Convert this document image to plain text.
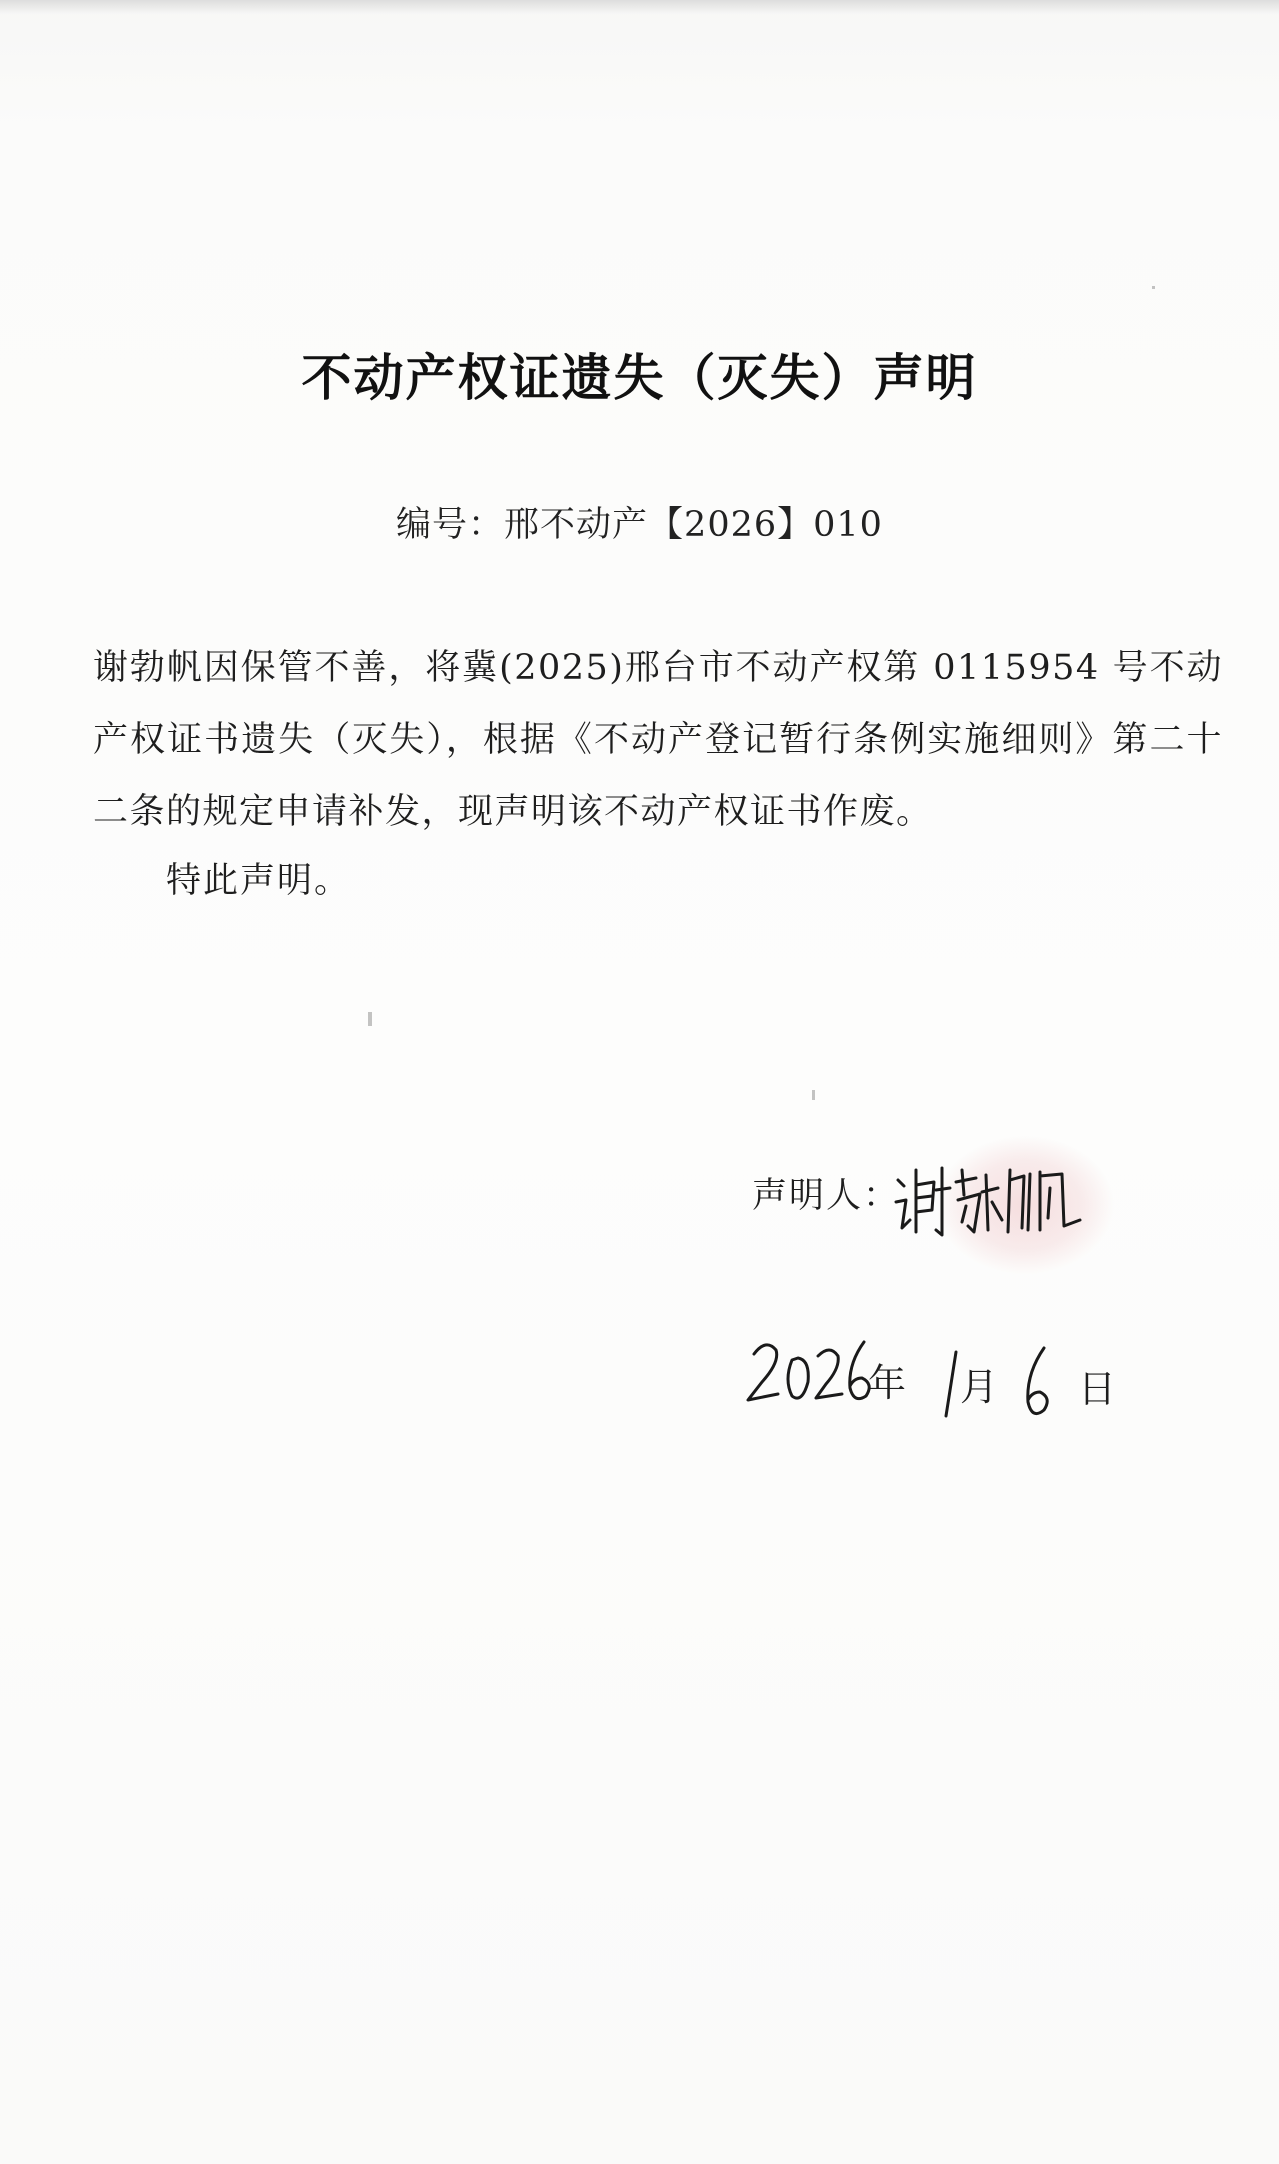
不动产权证遗失（灭失）声明
编号：邢不动产【2026】010
谢勃帆因保管不善，将冀(2025)邢台市不动产权第 0115954 号不动产权证书遗失（灭失），根据《不动产登记暂行条例实施细则》第二十二条的规定申请补发，现声明该不动产权证书作废。
特此声明。
声明人：
年 月 日
